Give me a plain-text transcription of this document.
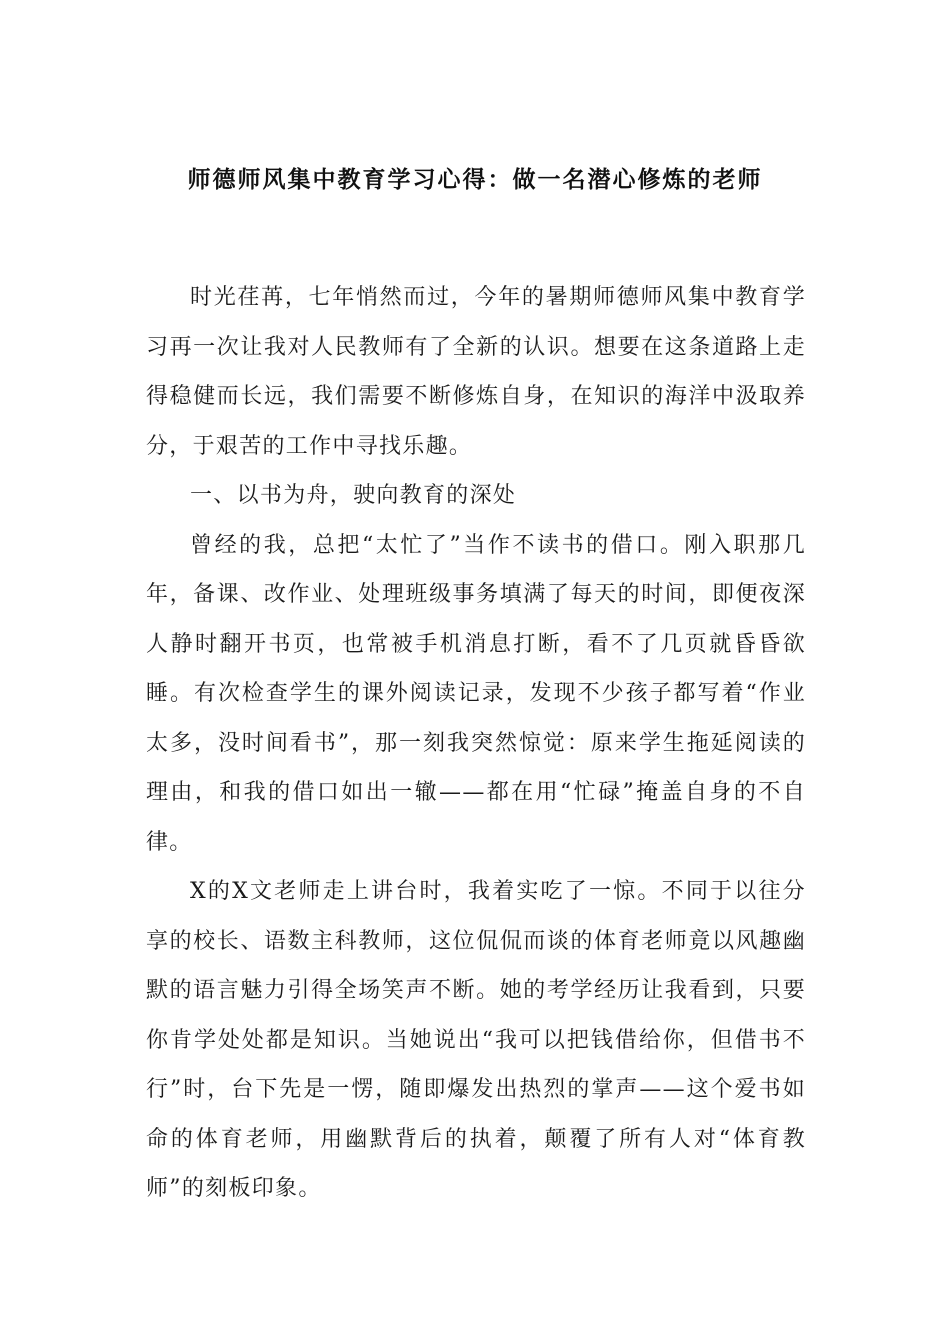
师德师风集中教育学习心得：做一名潜心修炼的老师

时光荏苒，七年悄然而过，今年的暑期师德师风集中教育学习再一次让我对人民教师有了全新的认识。想要在这条道路上走得稳健而长远，我们需要不断修炼自身，在知识的海洋中汲取养分，于艰苦的工作中寻找乐趣。

一、以书为舟，驶向教育的深处

曾经的我，总把“太忙了”当作不读书的借口。刚入职那几年，备课、改作业、处理班级事务填满了每天的时间，即便夜深人静时翻开书页，也常被手机消息打断，看不了几页就昏昏欲睡。有次检查学生的课外阅读记录，发现不少孩子都写着“作业太多，没时间看书”，那一刻我突然惊觉：原来学生拖延阅读的理由，和我的借口如出一辙——都在用“忙碌”掩盖自身的不自律。

X的X文老师走上讲台时，我着实吃了一惊。不同于以往分享的校长、语数主科教师，这位侃侃而谈的体育老师竟以风趣幽默的语言魅力引得全场笑声不断。她的考学经历让我看到，只要你肯学处处都是知识。当她说出“我可以把钱借给你，但借书不行”时，台下先是一愣，随即爆发出热烈的掌声——这个爱书如命的体育老师，用幽默背后的执着，颠覆了所有人对“体育教师”的刻板印象。
